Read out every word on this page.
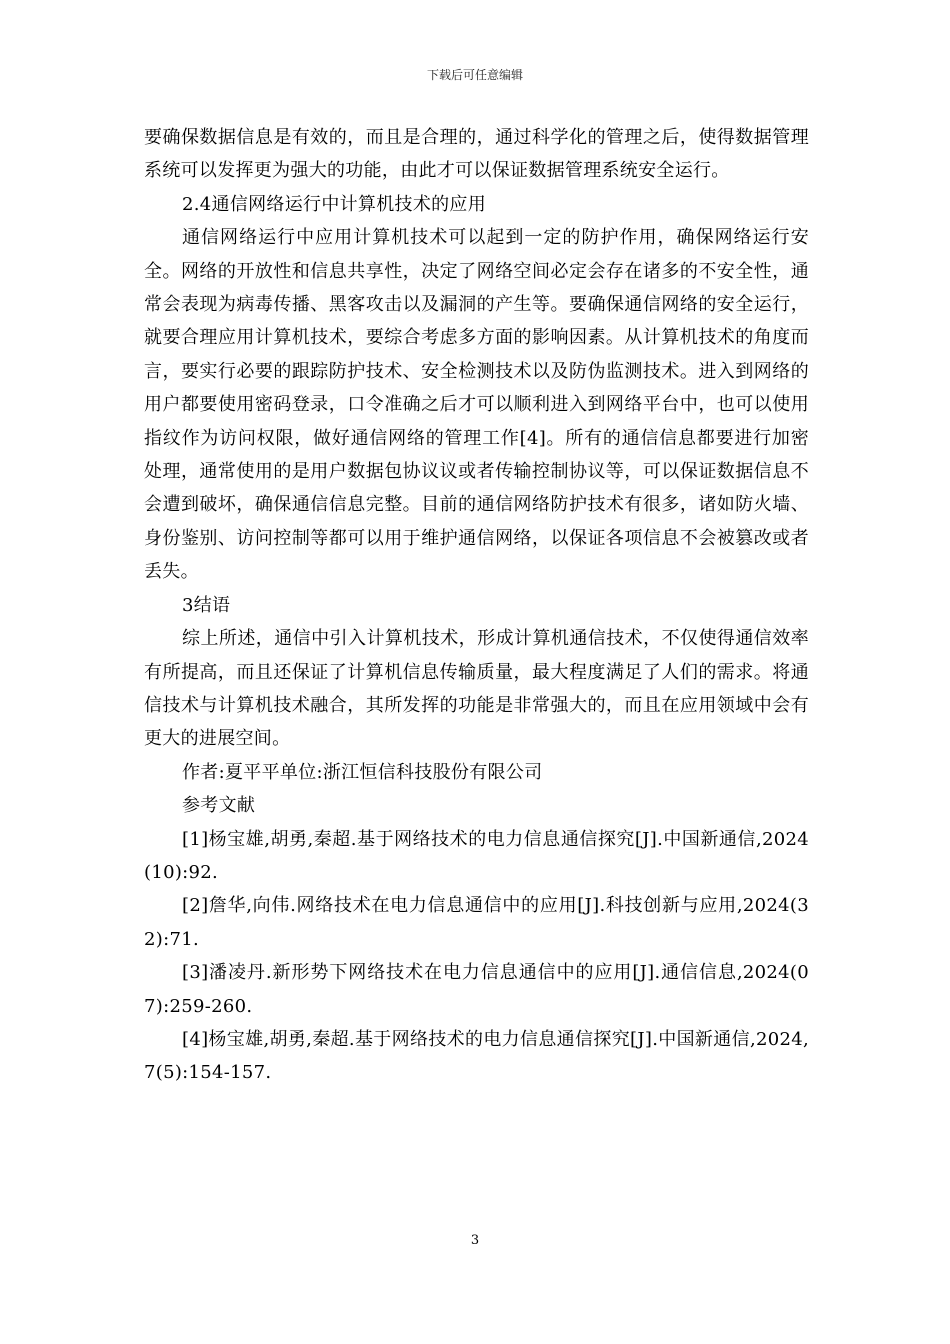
下载后可任意编辑

要确保数据信息是有效的，而且是合理的，通过科学化的管理之后，使得数据管理系统可以发挥更为强大的功能，由此才可以保证数据管理系统安全运行。

2.4通信网络运行中计算机技术的应用

通信网络运行中应用计算机技术可以起到一定的防护作用，确保网络运行安全。网络的开放性和信息共享性，决定了网络空间必定会存在诸多的不安全性，通常会表现为病毒传播、黑客攻击以及漏洞的产生等。要确保通信网络的安全运行，就要合理应用计算机技术，要综合考虑多方面的影响因素。从计算机技术的角度而言，要实行必要的跟踪防护技术、安全检测技术以及防伪监测技术。进入到网络的用户都要使用密码登录，口令准确之后才可以顺利进入到网络平台中，也可以使用指纹作为访问权限，做好通信网络的管理工作[4]。所有的通信信息都要进行加密处理，通常使用的是用户数据包协议议或者传输控制协议等，可以保证数据信息不会遭到破坏，确保通信信息完整。目前的通信网络防护技术有很多，诸如防火墙、身份鉴别、访问控制等都可以用于维护通信网络，以保证各项信息不会被篡改或者丢失。

3结语

综上所述，通信中引入计算机技术，形成计算机通信技术，不仅使得通信效率有所提高，而且还保证了计算机信息传输质量，最大程度满足了人们的需求。将通信技术与计算机技术融合，其所发挥的功能是非常强大的，而且在应用领域中会有更大的进展空间。

作者:夏平平单位:浙江恒信科技股份有限公司

参考文献

[1]杨宝雄,胡勇,秦超.基于网络技术的电力信息通信探究[J].中国新通信,2024(10):92.

[2]詹华,向伟.网络技术在电力信息通信中的应用[J].科技创新与应用,2024(32):71.

[3]潘凌丹.新形势下网络技术在电力信息通信中的应用[J].通信信息,2024(07):259-260.

[4]杨宝雄,胡勇,秦超.基于网络技术的电力信息通信探究[J].中国新通信,2024,7(5):154-157.

3
